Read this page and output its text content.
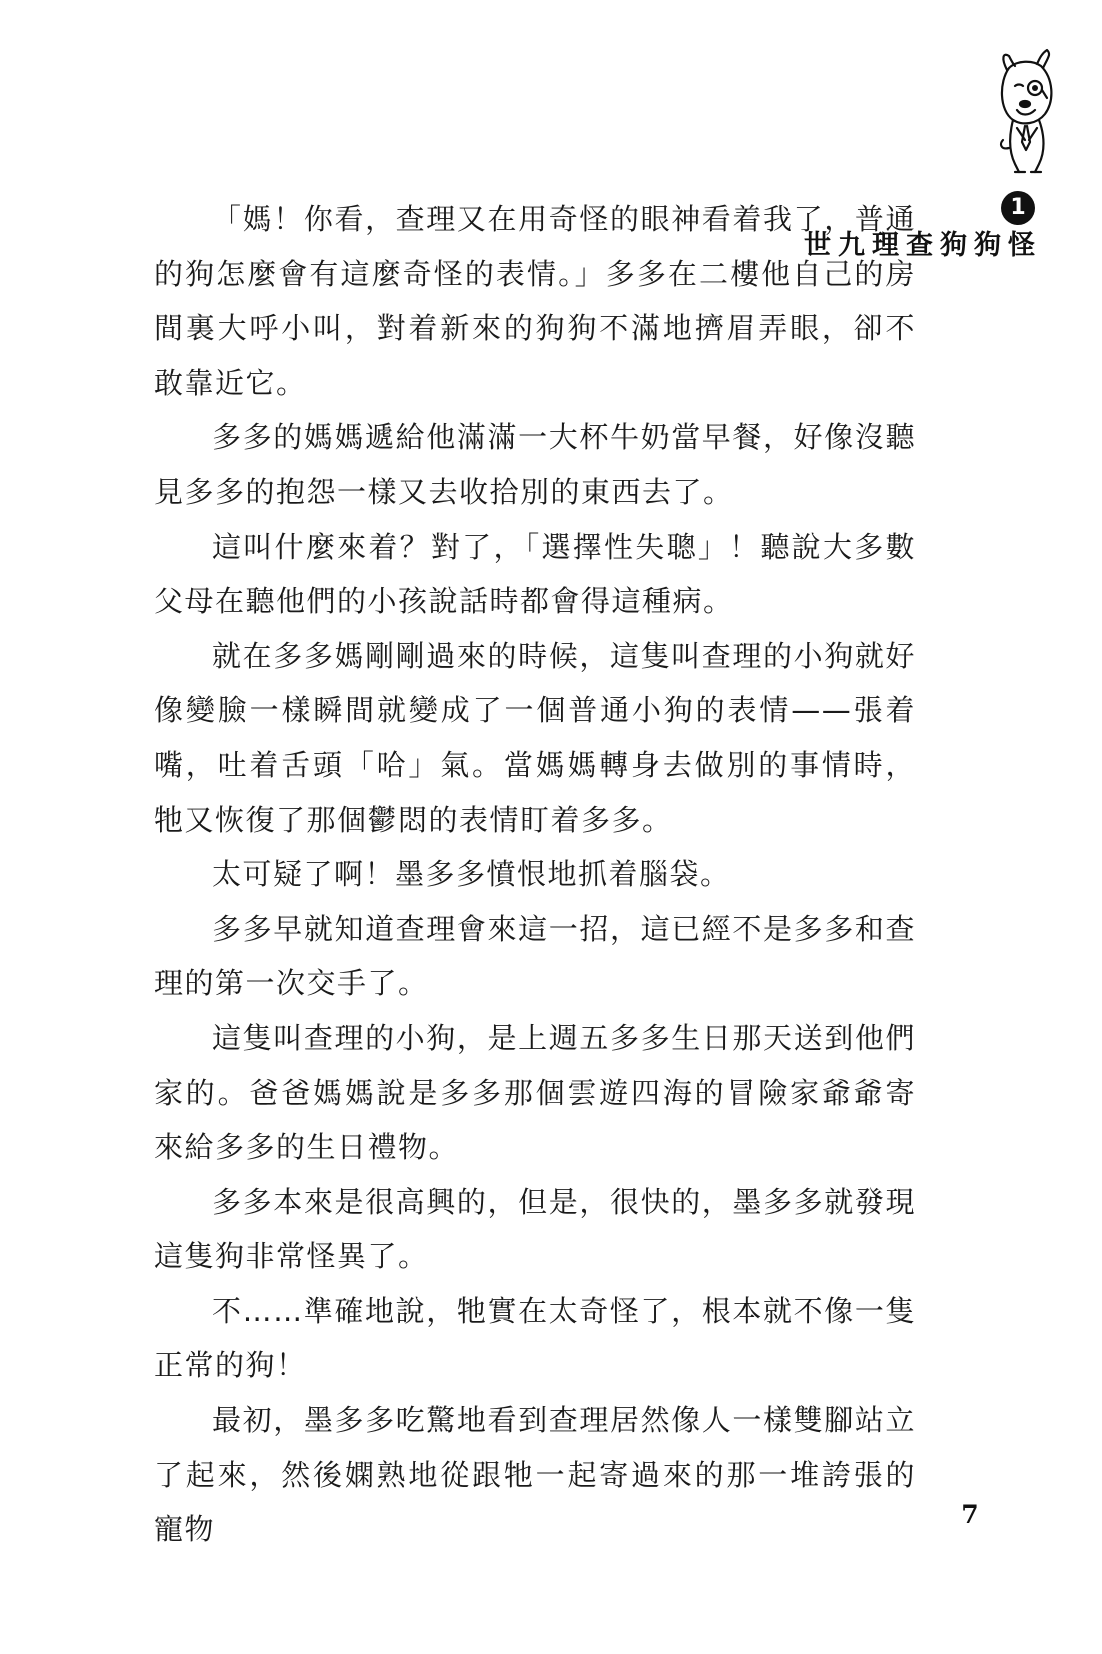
「媽！你看，查理又在用奇怪的眼神看着我了，普通的狗怎麼會有這麼奇怪的表情。」多多在二樓他自己的房間裏大呼小叫，對着新來的狗狗不滿地擠眉弄眼，卻不敢靠近它。

多多的媽媽遞給他滿滿一大杯牛奶當早餐，好像沒聽見多多的抱怨一樣又去收拾別的東西去了。

這叫什麼來着？對了，「選擇性失聰」！聽說大多數父母在聽他們的小孩說話時都會得這種病。

就在多多媽剛剛過來的時候，這隻叫查理的小狗就好像變臉一樣瞬間就變成了一個普通小狗的表情——張着嘴，吐着舌頭「哈」氣。當媽媽轉身去做別的事情時，牠又恢復了那個鬱悶的表情盯着多多。

太可疑了啊！墨多多憤恨地抓着腦袋。

多多早就知道查理會來這一招，這已經不是多多和查理的第一次交手了。

這隻叫查理的小狗，是上週五多多生日那天送到他們家的。爸爸媽媽說是多多那個雲遊四海的冒險家爺爺寄來給多多的生日禮物。

多多本來是很高興的，但是，很快的，墨多多就發現這隻狗非常怪異了。

不……準確地說，牠實在太奇怪了，根本就不像一隻正常的狗！

最初，墨多多吃驚地看到查理居然像人一樣雙腳站立了起來，然後嫻熟地從跟牠一起寄過來的那一堆誇張的寵物

1
怪狗狗查理九世
7
